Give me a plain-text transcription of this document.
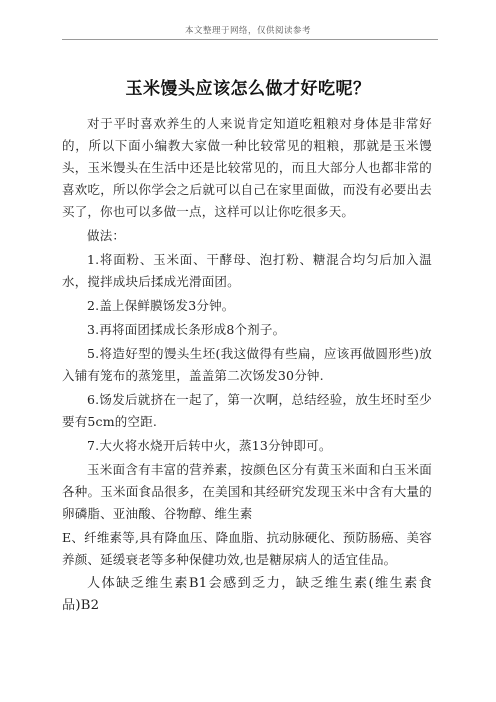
本文整理于网络，仅供阅读参考
玉米馒头应该怎么做才好吃呢？

对于平时喜欢养生的人来说肯定知道吃粗粮对身体是非常好的，所以下面小编教大家做一种比较常见的粗粮，那就是玉米馒头，玉米馒头在生活中还是比较常见的，而且大部分人也都非常的喜欢吃，所以你学会之后就可以自己在家里面做，而没有必要出去买了，你也可以多做一点，这样可以让你吃很多天。

做法：

1.将面粉、玉米面、干酵母、泡打粉、糖混合均匀后加入温水，搅拌成块后揉成光滑面团。

2.盖上保鲜膜饧发3分钟。

3.再将面团揉成长条形成8个剂子。

5.将造好型的馒头生坯(我这做得有些扁，应该再做圆形些)放入铺有笼布的蒸笼里，盖盖第二次饧发30分钟.

6.饧发后就挤在一起了，第一次啊，总结经验，放生坯时至少要有5cm的空距.

7.大火将水烧开后转中火，蒸13分钟即可。

玉米面含有丰富的营养素，按颜色区分有黄玉米面和白玉米面各种。玉米面食品很多，在美国和其经研究发现玉米中含有大量的卵磷脂、亚油酸、谷物醇、维生素

E、纤维素等,具有降血压、降血脂、抗动脉硬化、预防肠癌、美容养颜、延缓衰老等多种保健功效,也是糖尿病人的适宜佳品。

人体缺乏维生素B1会感到乏力，缺乏维生素(维生素食品)B2
